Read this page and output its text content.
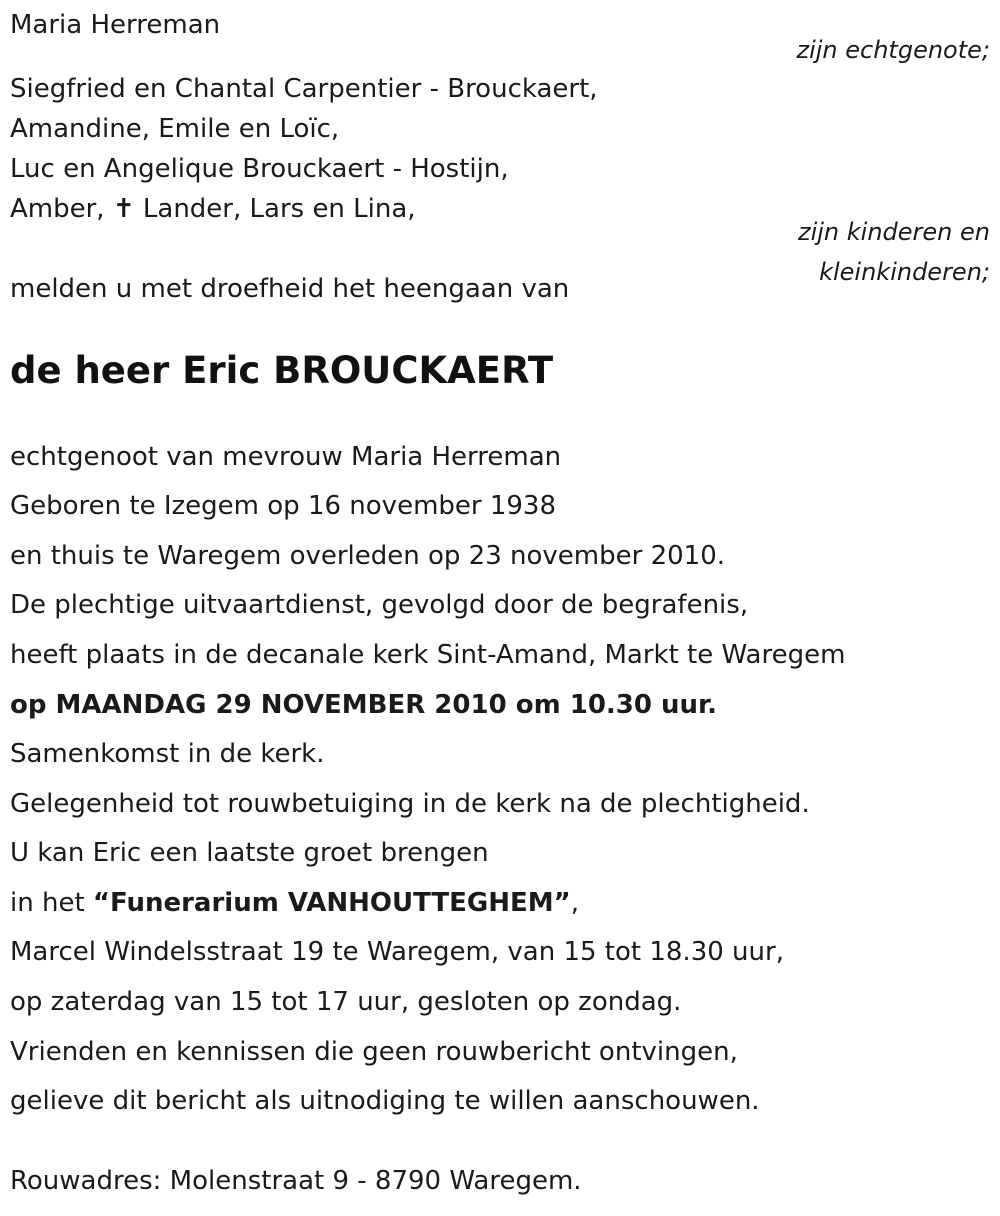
Maria Herreman
zijn echtgenote;
Siegfried en Chantal Carpentier - Brouckaert,
Amandine, Emile en Loïc,
Luc en Angelique Brouckaert - Hostijn,
Amber, ✝ Lander, Lars en Lina,
zijn kinderen en
kleinkinderen;
melden u met droefheid het heengaan van
de heer Eric BROUCKAERT
echtgenoot van mevrouw Maria Herreman
Geboren te Izegem op 16 november 1938
en thuis te Waregem overleden op 23 november 2010.
De plechtige uitvaartdienst, gevolgd door de begrafenis,
heeft plaats in de decanale kerk Sint-Amand, Markt te Waregem
op MAANDAG 29 NOVEMBER 2010 om 10.30 uur.
Samenkomst in de kerk.
Gelegenheid tot rouwbetuiging in de kerk na de plechtigheid.
U kan Eric een laatste groet brengen
in het “Funerarium VANHOUTTEGHEM”,
Marcel Windelsstraat 19 te Waregem, van 15 tot 18.30 uur,
op zaterdag van 15 tot 17 uur, gesloten op zondag.
Vrienden en kennissen die geen rouwbericht ontvingen,
gelieve dit bericht als uitnodiging te willen aanschouwen.
Rouwadres: Molenstraat 9 - 8790 Waregem.
